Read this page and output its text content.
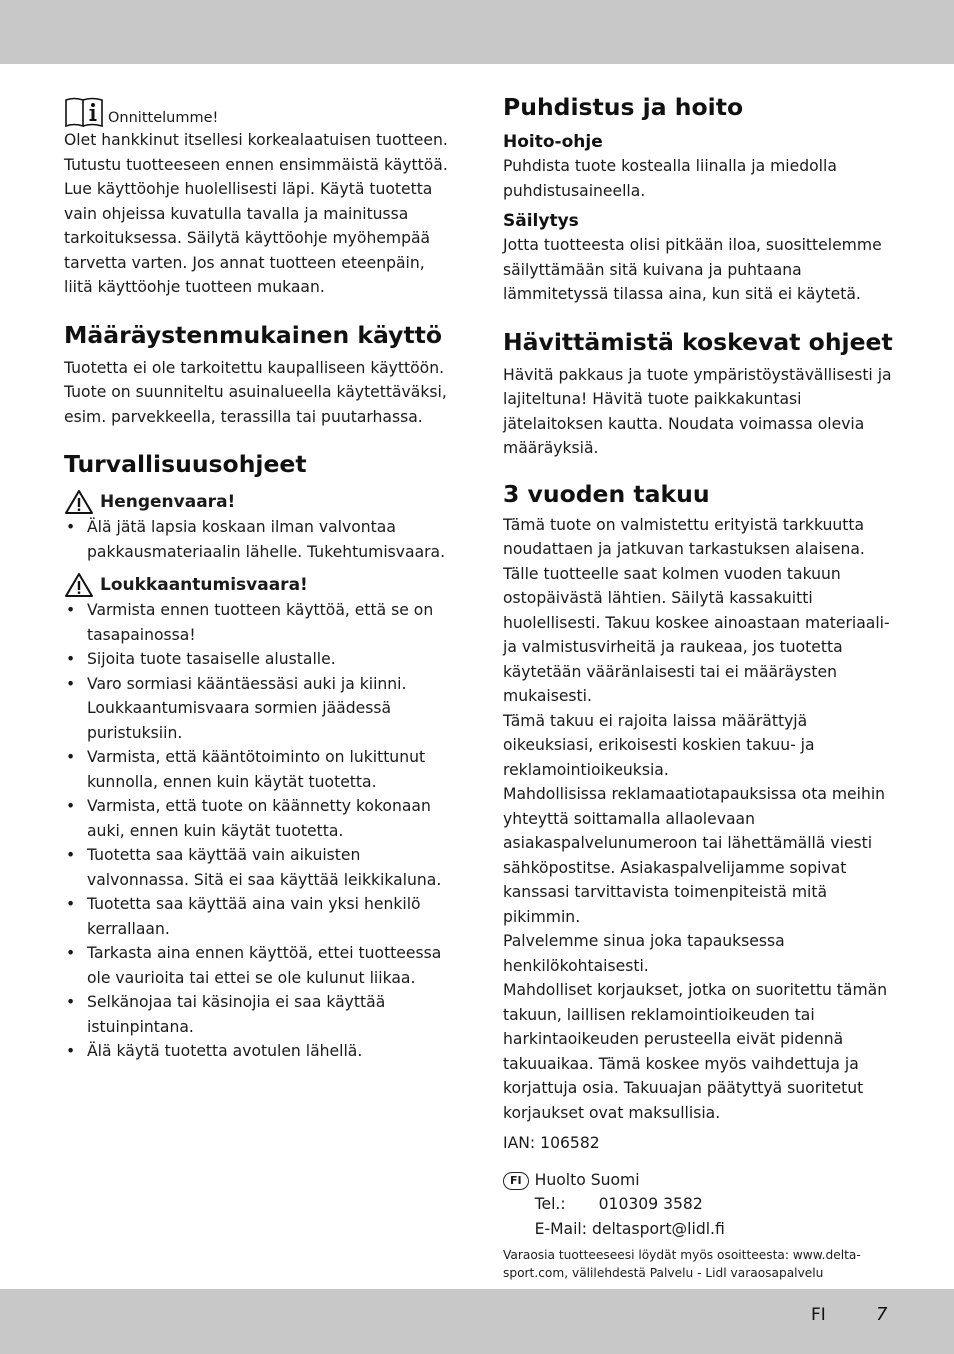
Onnittelumme!

Olet hankkinut itsellesi korkealaatuisen tuotteen.

Tutustu tuotteeseen ennen ensimmäistä käyttöä.

Lue käyttöohje huolellisesti läpi. Käytä tuotetta

vain ohjeissa kuvatulla tavalla ja mainitussa

tarkoituksessa. Säilytä käyttöohje myöhempää

tarvetta varten. Jos annat tuotteen eteenpäin,

liitä käyttöohje tuotteen mukaan.

Määräystenmukainen käyttö

Tuotetta ei ole tarkoitettu kaupalliseen käyttöön.

Tuote on suunniteltu asuinalueella käytettäväksi,

esim. parvekkeella, terassilla tai puutarhassa.

Turvallisuusohjeet
Hengenvaara!
• Älä jätä lapsia koskaan ilman valvontaa pakkausmateriaalin lähelle. Tukehtumisvaara.
Loukkaantumisvaara!
• Varmista ennen tuotteen käyttöä, että se on tasapainossa!
• Sijoita tuote tasaiselle alustalle.
• Varo sormiasi kääntäessäsi auki ja kiinni. Loukkaantumisvaara sormien jäädessä puristuksiin.
• Varmista, että kääntötoiminto on lukittunut kunnolla, ennen kuin käytät tuotetta.
• Varmista, että tuote on käännetty kokonaan auki, ennen kuin käytät tuotetta.
• Tuotetta saa käyttää vain aikuisten valvonnassa. Sitä ei saa käyttää leikkikaluna.
• Tuotetta saa käyttää aina vain yksi henkilö kerrallaan.
• Tarkasta aina ennen käyttöä, ettei tuotteessa ole vaurioita tai ettei se ole kulunut liikaa.
• Selkänojaa tai käsinojia ei saa käyttää istuinpintana.
• Älä käytä tuotetta avotulen lähellä.
Puhdistus ja hoito
Hoito-ohje

Puhdista tuote kostealla liinalla ja miedolla puhdistusaineella.

Säilytys

Jotta tuotteesta olisi pitkään iloa, suosittelemme säilyttämään sitä kuivana ja puhtaana lämmitetyssä tilassa aina, kun sitä ei käytetä.

Hävittämistä koskevat ohjeet

Hävitä pakkaus ja tuote ympäristöystävällisesti ja lajiteltuna! Hävitä tuote paikkakuntasi jätelaitoksen kautta. Noudata voimassa olevia määräyksiä.

3 vuoden takuu

Tämä tuote on valmistettu erityistä tarkkuutta noudattaen ja jatkuvan tarkastuksen alaisena. Tälle tuotteelle saat kolmen vuoden takuun ostopäivästä lähtien. Säilytä kassakuitti huolellisesti. Takuu koskee ainoastaan materiaali- ja valmistusvirheitä ja raukeaa, jos tuotetta käytetään vääränlaisesti tai ei määräysten mukaisesti.

Tämä takuu ei rajoita laissa määrättyjä oikeuksiasi, erikoisesti koskien takuu- ja reklamointioikeuksia.

Mahdollisissa reklamaatiotapauksissa ota meihin yhteyttä soittamalla allaolevaan asiakaspalvelunumeroon tai lähettämällä viesti sähköpostitse. Asiakaspalvelijamme sopivat kanssasi tarvittavista toimenpiteistä mitä pikimmin.

Palvelemme sinua joka tapauksessa henkilökohtaisesti.

Mahdolliset korjaukset, jotka on suoritettu tämän takuun, laillisen reklamointioikeuden tai harkintaoikeuden perusteella eivät pidennä takuuaikaa. Tämä koskee myös vaihdettuja ja korjattuja osia. Takuuajan päätyttyä suoritetut korjaukset ovat maksullisia.

IAN: 106582

FI Huolto Suomi

Tel.:	010309 3582

E-Mail: deltasport@lidl.fi

Varaosia tuotteeseesi löydät myös osoitteesta: www.delta-sport.com, välilehdestä Palvelu - Lidl varaosapalvelu

FI	7
